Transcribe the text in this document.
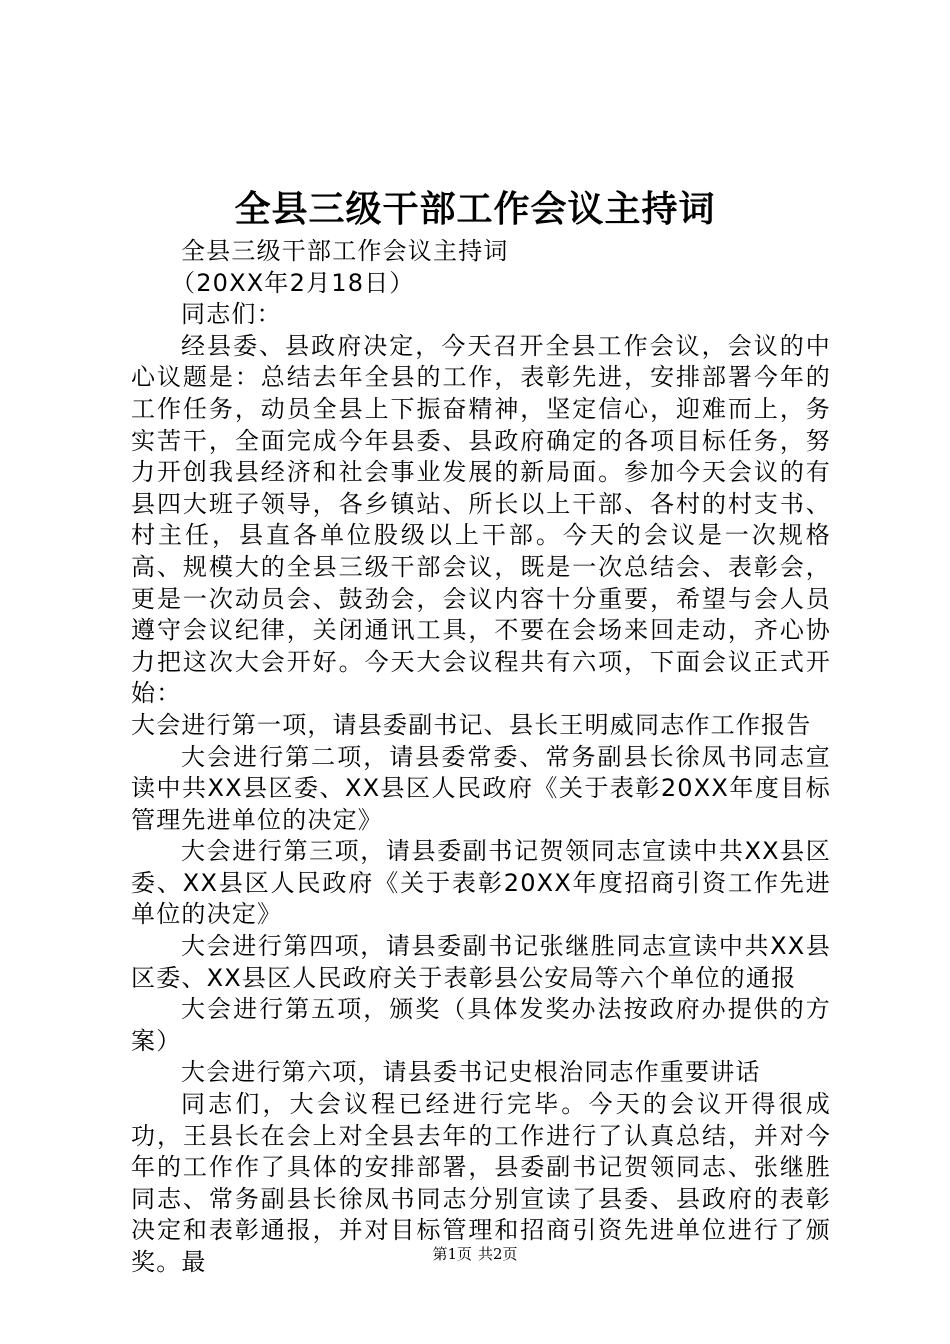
全县三级干部工作会议主持词

全县三级干部工作会议主持词

（20XX年2月18日）

同志们：

经县委、县政府决定，今天召开全县工作会议，会议的中心议题是：总结去年全县的工作，表彰先进，安排部署今年的工作任务，动员全县上下振奋精神，坚定信心，迎难而上，务实苦干，全面完成今年县委、县政府确定的各项目标任务，努力开创我县经济和社会事业发展的新局面。参加今天会议的有县四大班子领导，各乡镇站、所长以上干部、各村的村支书、村主任，县直各单位股级以上干部。今天的会议是一次规格高、规模大的全县三级干部会议，既是一次总结会、表彰会，更是一次动员会、鼓劲会，会议内容十分重要，希望与会人员遵守会议纪律，关闭通讯工具，不要在会场来回走动，齐心协力把这次大会开好。今天大会议程共有六项，下面会议正式开始：

大会进行第一项，请县委副书记、县长王明威同志作工作报告

大会进行第二项，请县委常委、常务副县长徐凤书同志宣读中共XX县区委、XX县区人民政府《关于表彰20XX年度目标管理先进单位的决定》

大会进行第三项，请县委副书记贺领同志宣读中共XX县区委、XX县区人民政府《关于表彰20XX年度招商引资工作先进单位的决定》

大会进行第四项，请县委副书记张继胜同志宣读中共XX县区委、XX县区人民政府关于表彰县公安局等六个单位的通报

大会进行第五项，颁奖（具体发奖办法按政府办提供的方案）

大会进行第六项，请县委书记史根治同志作重要讲话

同志们，大会议程已经进行完毕。今天的会议开得很成功，王县长在会上对全县去年的工作进行了认真总结，并对今年的工作作了具体的安排部署，县委副书记贺领同志、张继胜同志、常务副县长徐凤书同志分别宣读了县委、县政府的表彰决定和表彰通报，并对目标管理和招商引资先进单位进行了颁奖。最	第1页 共2页
